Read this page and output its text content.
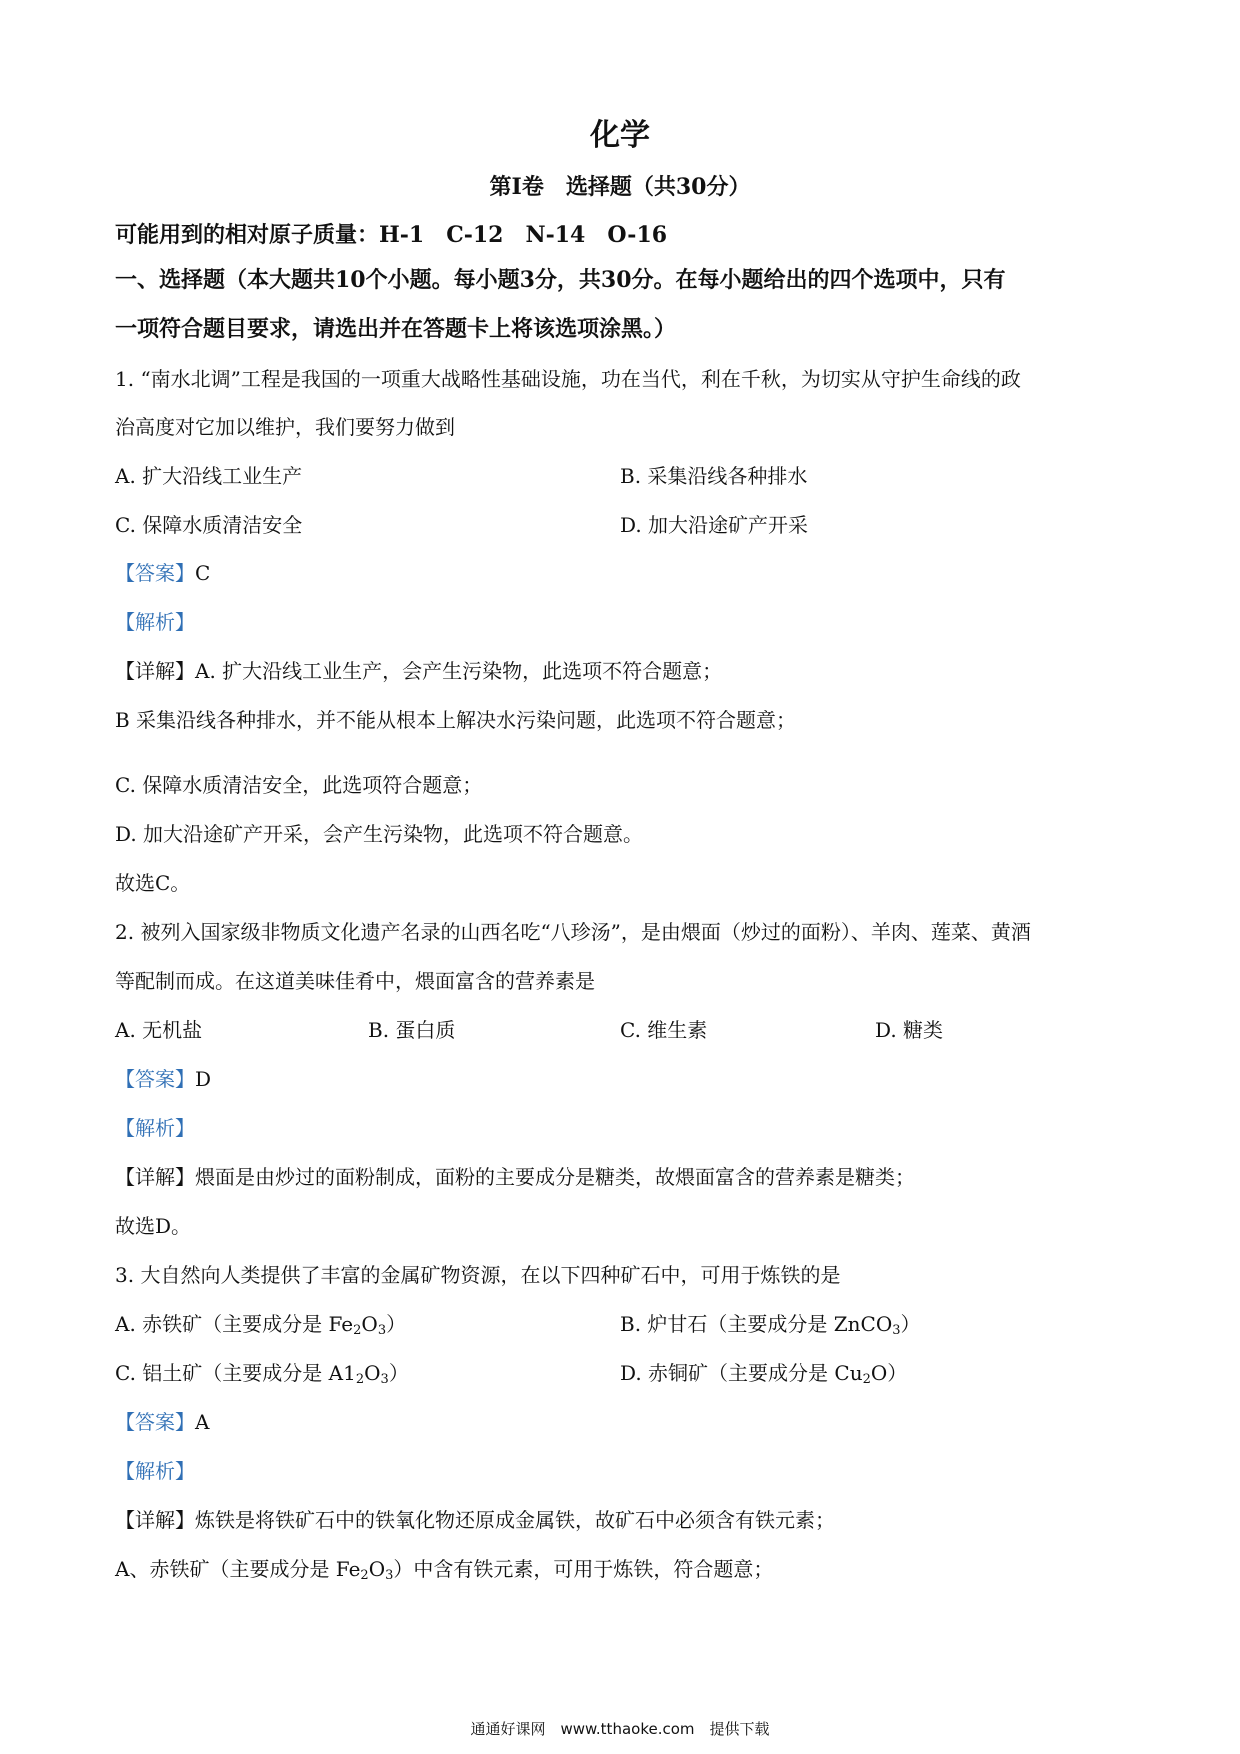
化学
第Ⅰ卷　选择题（共30分）
可能用到的相对原子质量：H-1　C-12　N-14　O-16
一、选择题（本大题共10个小题。每小题3分，共30分。在每小题给出的四个选项中，只有
一项符合题目要求，请选出并在答题卡上将该选项涂黑。）
1. “南水北调”工程是我国的一项重大战略性基础设施，功在当代，利在千秋，为切实从守护生命线的政
治高度对它加以维护，我们要努力做到
A. 扩大沿线工业生产	B. 采集沿线各种排水
C. 保障水质清洁安全	D. 加大沿途矿产开采
【答案】C
【解析】
【详解】A. 扩大沿线工业生产，会产生污染物，此选项不符合题意；
B 采集沿线各种排水，并不能从根本上解决水污染问题，此选项不符合题意；
C. 保障水质清洁安全，此选项符合题意；
D. 加大沿途矿产开采，会产生污染物，此选项不符合题意。
故选C。
2. 被列入国家级非物质文化遗产名录的山西名吃“八珍汤”，是由煨面（炒过的面粉）、羊肉、莲菜、黄酒
等配制而成。在这道美味佳肴中，煨面富含的营养素是
A. 无机盐	B. 蛋白质	C. 维生素	D. 糖类
【答案】D
【解析】
【详解】煨面是由炒过的面粉制成，面粉的主要成分是糖类，故煨面富含的营养素是糖类；
故选D。
3. 大自然向人类提供了丰富的金属矿物资源，在以下四种矿石中，可用于炼铁的是
A. 赤铁矿（主要成分是 $Fe_2O_3$）	B. 炉甘石（主要成分是 ZnCO$_3$）
C. 铝土矿（主要成分是 $A1_2O_3$）	D. 赤铜矿（主要成分是 $Cu_2O$）
【答案】A
【解析】
【详解】炼铁是将铁矿石中的铁氧化物还原成金属铁，故矿石中必须含有铁元素；
A、赤铁矿（主要成分是 $Fe_2O_3$）中含有铁元素，可用于炼铁，符合题意；
通通好课网　www.tthaoke.com　提供下载
